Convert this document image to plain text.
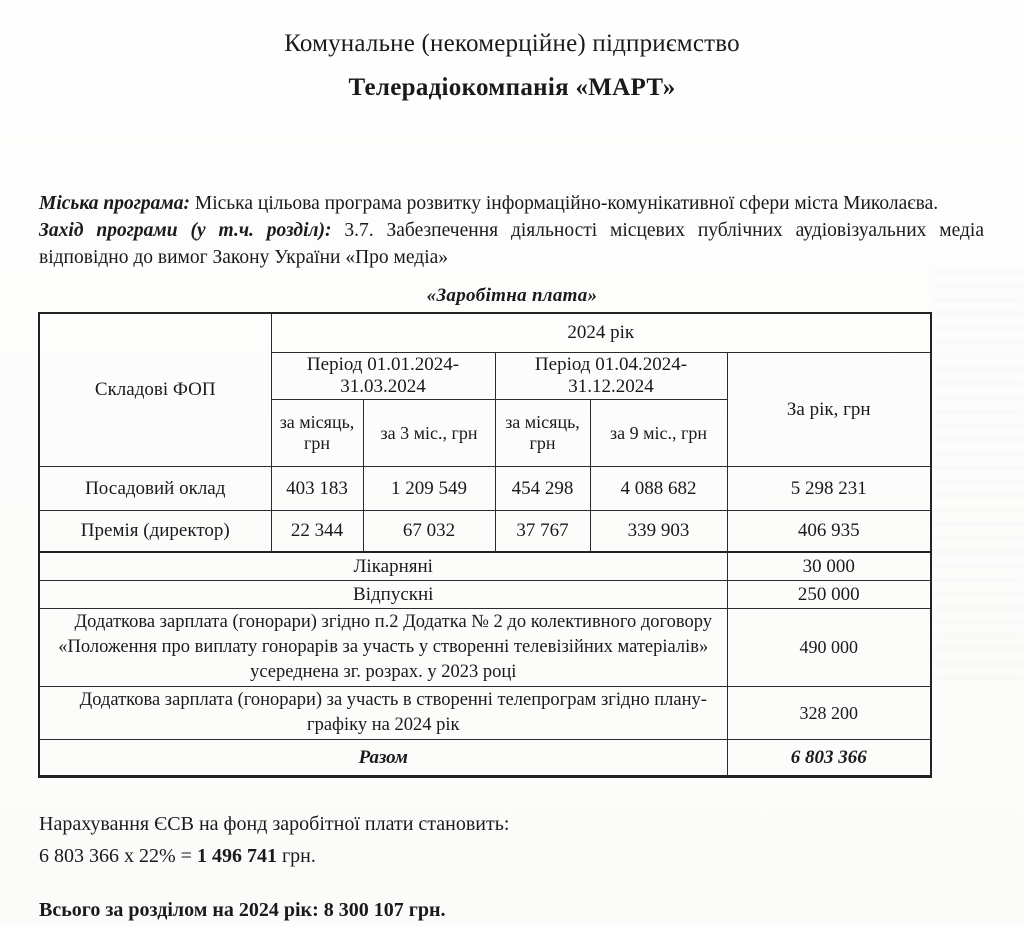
Комунальне (некомерційне) підприємство
Телерадіокомпанія «МАРТ»

Міська програма: Міська цільова програма розвитку інформаційно-комунікативної сфери міста Миколаєва.

Захід програми (у т.ч. розділ): 3.7. Забезпечення діяльності місцевих публічних аудіовізуальних медіа відповідно до вимог Закону України «Про медіа»

«Заробітна плата»
Складові ФОП	2024 рік				
	Період 01.01.2024- 31.03.2024		Період 01.04.2024- 31.12.2024		За рік, грн
	за місяць, грн	за 3 міс., грн	за місяць, грн	за 9 міс., грн	
Посадовий оклад	403 183	1 209 549	454 298	4 088 682	5 298 231
Премія (директор)	22 344	67 032	37 767	339 903	406 935
Лікарняні					30 000
Відпускні					250 000
Додаткова зарплата (гонорари) згідно п.2 Додатка № 2 до колективного договору «Положення про виплату гонорарів за участь у створенні телевізійних матеріалів» усереднена зг. розрах. у 2023 році					490 000
Додаткова зарплата (гонорари) за участь в створенні телепрограм згідно плану-графіку на 2024 рік					328 200
Разом					6 803 366
Нарахування ЄСВ на фонд заробітної плати становить:
6 803 366 х 22% = 1 496 741 грн.
Всього за розділом на 2024 рік: 8 300 107 грн.
